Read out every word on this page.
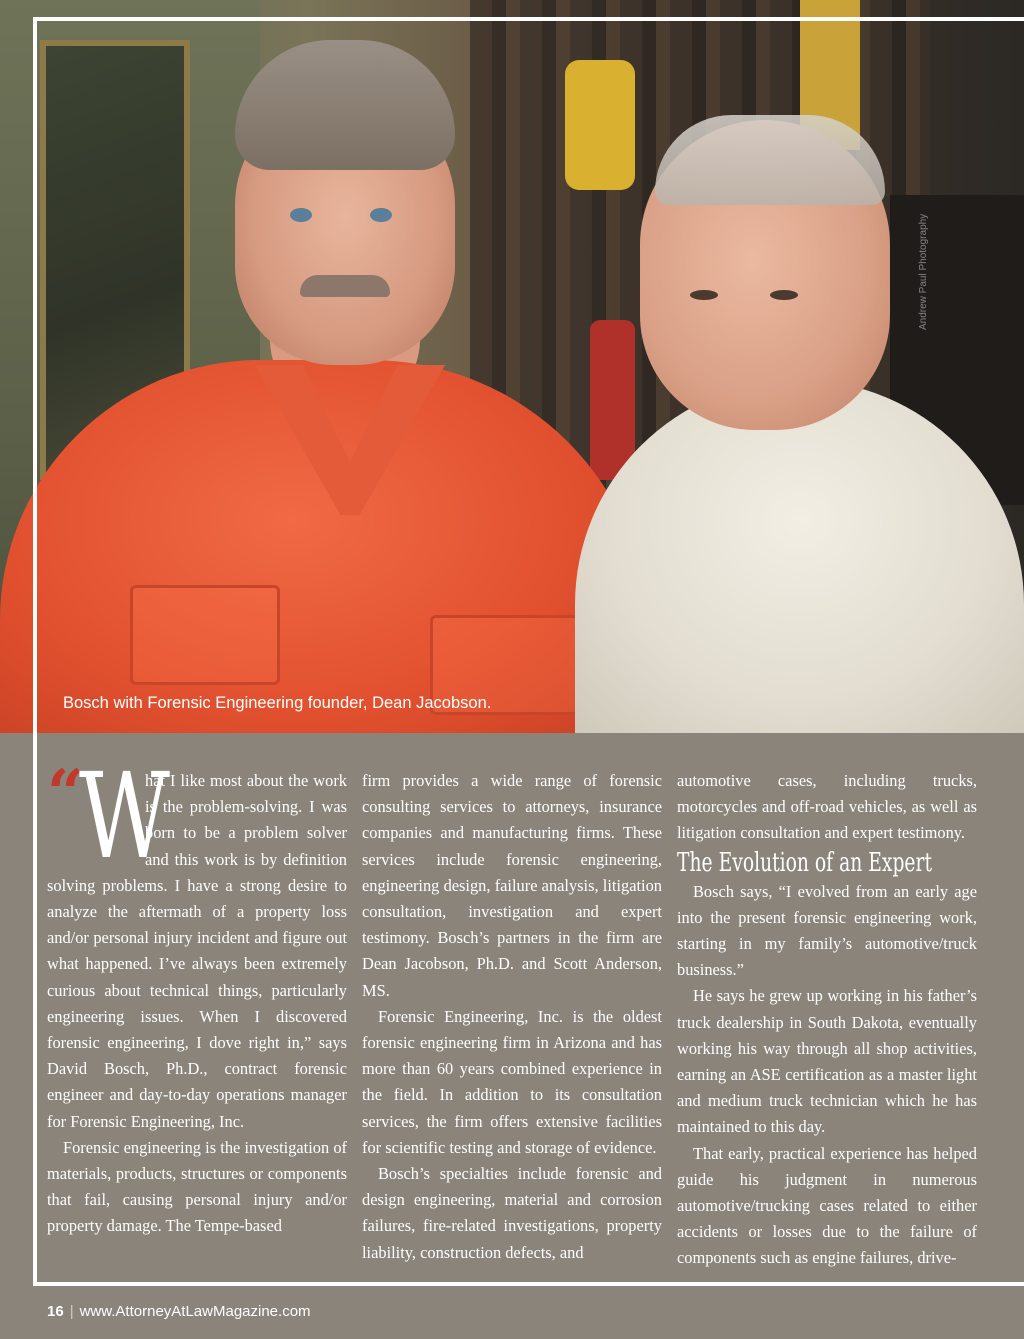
Andrew Paul Photography
Bosch with Forensic Engineering founder, Dean Jacobson.

“
W
hat I like most about the work is the problem-solving. I was born to be a problem solver and this work is by definition solving problems. I have a strong desire to analyze the aftermath of a property loss and/or personal injury incident and figure out what happened. I’ve always been extremely curious about technical things, particularly engineering issues. When I discovered forensic engineering, I dove right in,” says David Bosch, Ph.D., contract forensic engineer and day-to-day operations manager for Forensic Engineering, Inc.

Forensic engineering is the investigation of materials, products, structures or components that fail, causing personal injury and/or property damage. The Tempe-based

firm provides a wide range of forensic consulting services to attorneys, insurance companies and manufacturing firms. These services include forensic engineering, engineering design, failure analysis, litigation consultation, investigation and expert testimony. Bosch’s partners in the firm are Dean Jacobson, Ph.D. and Scott Anderson, MS.

Forensic Engineering, Inc. is the oldest forensic engineering firm in Arizona and has more than 60 years combined experience in the field. In addition to its consultation services, the firm offers extensive facilities for scientific testing and storage of evidence.

Bosch’s specialties include forensic and design engineering, material and corrosion failures, fire-related investigations, property liability, construction defects, and

automotive cases, including trucks, motorcycles and off-road vehicles, as well as litigation consultation and expert testimony.

The Evolution of an Expert

Bosch says, “I evolved from an early age into the present forensic engineering work, starting in my family’s automotive/truck business.”

He says he grew up working in his father’s truck dealership in South Dakota, eventually working his way through all shop activities, earning an ASE certification as a master light and medium truck technician which he has maintained to this day.

That early, practical experience has helped guide his judgment in numerous automotive/trucking cases related to either accidents or losses due to the failure of components such as engine failures, drive-

16 | www.AttorneyAtLawMagazine.com
